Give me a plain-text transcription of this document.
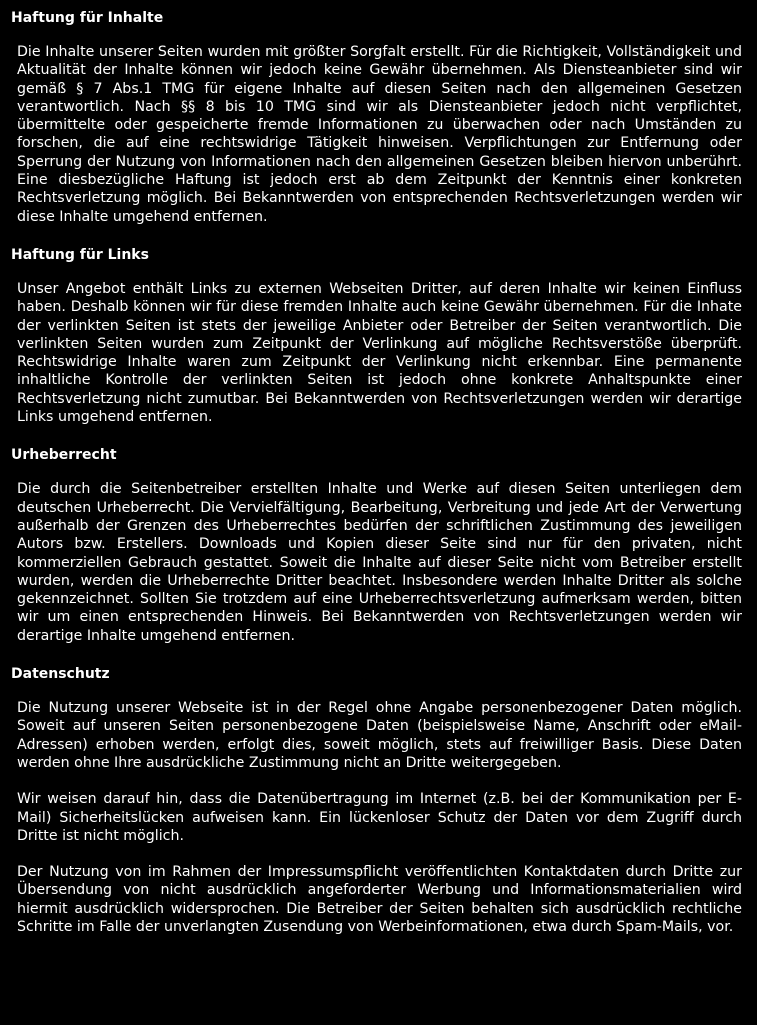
Haftung für Inhalte

Die Inhalte unserer Seiten wurden mit größter Sorgfalt erstellt. Für die Richtigkeit, Vollständigkeit und Aktualität der Inhalte können wir jedoch keine Gewähr übernehmen. Als Diensteanbieter sind wir gemäß § 7 Abs.1 TMG für eigene Inhalte auf diesen Seiten nach den allgemeinen Gesetzen verantwortlich. Nach §§ 8 bis 10 TMG sind wir als Diensteanbieter jedoch nicht verpflichtet, übermittelte oder gespeicherte fremde Informationen zu überwachen oder nach Umständen zu forschen, die auf eine rechtswidrige Tätigkeit hinweisen. Verpflichtungen zur Entfernung oder Sperrung der Nutzung von Informationen nach den allgemeinen Gesetzen bleiben hiervon unberührt. Eine diesbezügliche Haftung ist jedoch erst ab dem Zeitpunkt der Kenntnis einer konkreten Rechtsverletzung möglich. Bei Bekanntwerden von entsprechenden Rechtsverletzungen werden wir diese Inhalte umgehend entfernen.

Haftung für Links

Unser Angebot enthält Links zu externen Webseiten Dritter, auf deren Inhalte wir keinen Einfluss haben. Deshalb können wir für diese fremden Inhalte auch keine Gewähr übernehmen. Für die Inhate der verlinkten Seiten ist stets der jeweilige Anbieter oder Betreiber der Seiten verantwortlich. Die verlinkten Seiten wurden zum Zeitpunkt der Verlinkung auf mögliche Rechtsverstöße überprüft. Rechtswidrige Inhalte waren zum Zeitpunkt der Verlinkung nicht erkennbar. Eine permanente inhaltliche Kontrolle der verlinkten Seiten ist jedoch ohne konkrete Anhaltspunkte einer Rechtsverletzung nicht zumutbar. Bei Bekanntwerden von Rechtsverletzungen werden wir derartige Links umgehend entfernen.

Urheberrecht

Die durch die Seitenbetreiber erstellten Inhalte und Werke auf diesen Seiten unterliegen dem deutschen Urheberrecht. Die Vervielfältigung, Bearbeitung, Verbreitung und jede Art der Verwertung außerhalb der Grenzen des Urheberrechtes bedürfen der schriftlichen Zustimmung des jeweiligen Autors bzw. Erstellers. Downloads und Kopien dieser Seite sind nur für den privaten, nicht kommerziellen Gebrauch gestattet. Soweit die Inhalte auf dieser Seite nicht vom Betreiber erstellt wurden, werden die Urheberrechte Dritter beachtet. Insbesondere werden Inhalte Dritter als solche gekennzeichnet. Sollten Sie trotzdem auf eine Urheberrechtsverletzung aufmerksam werden, bitten wir um einen entsprechenden Hinweis. Bei Bekanntwerden von Rechtsverletzungen werden wir derartige Inhalte umgehend entfernen.

Datenschutz

Die Nutzung unserer Webseite ist in der Regel ohne Angabe personenbezogener Daten möglich. Soweit auf unseren Seiten personenbezogene Daten (beispielsweise Name, Anschrift oder eMail-Adressen) erhoben werden, erfolgt dies, soweit möglich, stets auf freiwilliger Basis. Diese Daten werden ohne Ihre ausdrückliche Zustimmung nicht an Dritte weitergegeben.

Wir weisen darauf hin, dass die Datenübertragung im Internet (z.B. bei der Kommunikation per E-Mail) Sicherheitslücken aufweisen kann. Ein lückenloser Schutz der Daten vor dem Zugriff durch Dritte ist nicht möglich.

Der Nutzung von im Rahmen der Impressumspflicht veröffentlichten Kontaktdaten durch Dritte zur Übersendung von nicht ausdrücklich angeforderter Werbung und Informationsmaterialien wird hiermit ausdrücklich widersprochen. Die Betreiber der Seiten behalten sich ausdrücklich rechtliche Schritte im Falle der unverlangten Zusendung von Werbeinformationen, etwa durch Spam-Mails, vor.
